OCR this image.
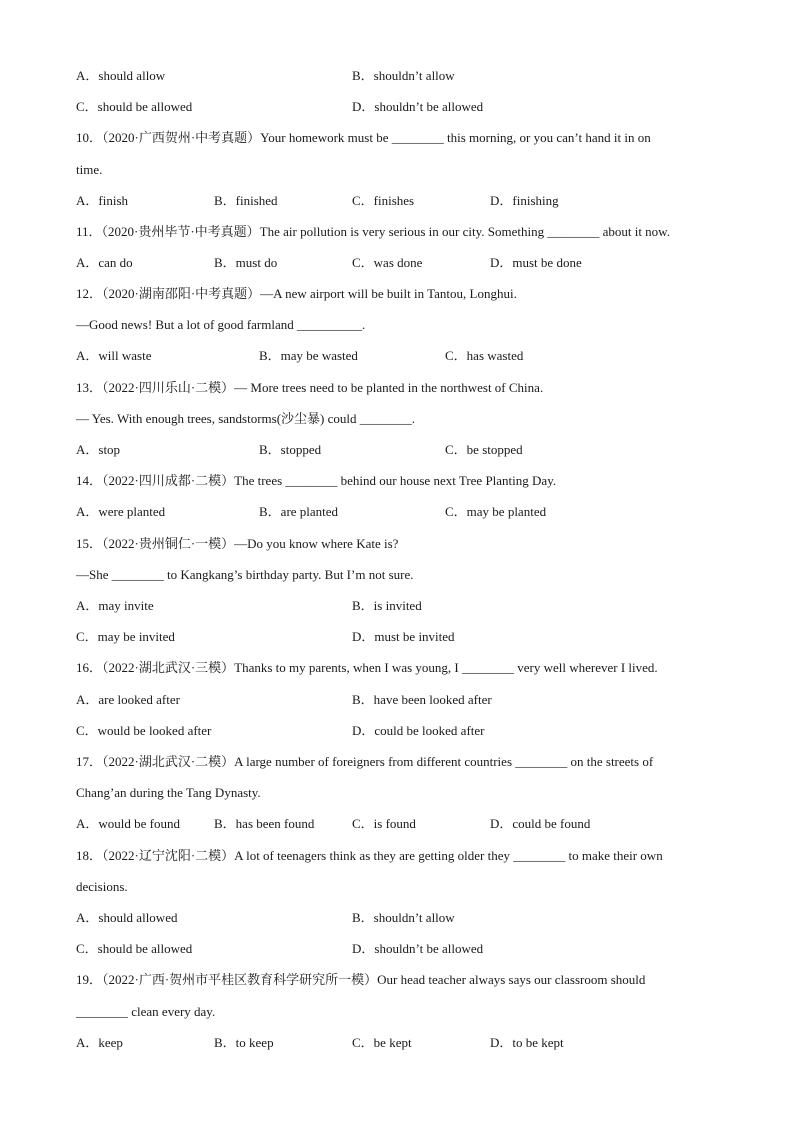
A．should allow	B．shouldn’t allow
C．should be allowed	D．shouldn’t be allowed
10．（2020·广西贺州·中考真题）Your homework must be ________ this morning, or you can’t hand it in on
time.
A．finish	B．finished	C．finishes	D．finishing
11．（2020·贵州毕节·中考真题）The air pollution is very serious in our city. Something ________ about it now.
A．can do	B．must do	C．was done	D．must be done
12．（2020·湖南邵阳·中考真题）—A new airport will be built in Tantou, Longhui.
—Good news! But a lot of good farmland __________.
A．will waste	B．may be wasted	C．has wasted
13．（2022·四川乐山·二模）— More trees need to be planted in the northwest of China.
— Yes. With enough trees, sandstorms(沙尘暴) could ________.
A．stop	B．stopped	C．be stopped
14．（2022·四川成都·二模）The trees ________ behind our house next Tree Planting Day.
A．were planted	B．are planted	C．may be planted
15．（2022·贵州铜仁·一模）—Do you know where Kate is?
—She ________ to Kangkang’s birthday party. But I’m not sure.
A．may invite	B．is invited
C．may be invited	D．must be invited
16．（2022·湖北武汉·三模）Thanks to my parents, when I was young, I ________ very well wherever I lived.
A．are looked after	B．have been looked after
C．would be looked after	D．could be looked after
17．（2022·湖北武汉·二模）A large number of foreigners from different countries ________ on the streets of
Chang’an during the Tang Dynasty.
A．would be found	B．has been found	C．is found	D．could be found
18．（2022·辽宁沈阳·二模）A lot of teenagers think as they are getting older they ________ to make their own
decisions.
A．should allowed	B．shouldn’t allow
C．should be allowed	D．shouldn’t be allowed
19．（2022·广西·贺州市平桂区教育科学研究所一模）Our head teacher always says our classroom should
________ clean every day.
A．keep	B．to keep	C．be kept	D．to be kept
